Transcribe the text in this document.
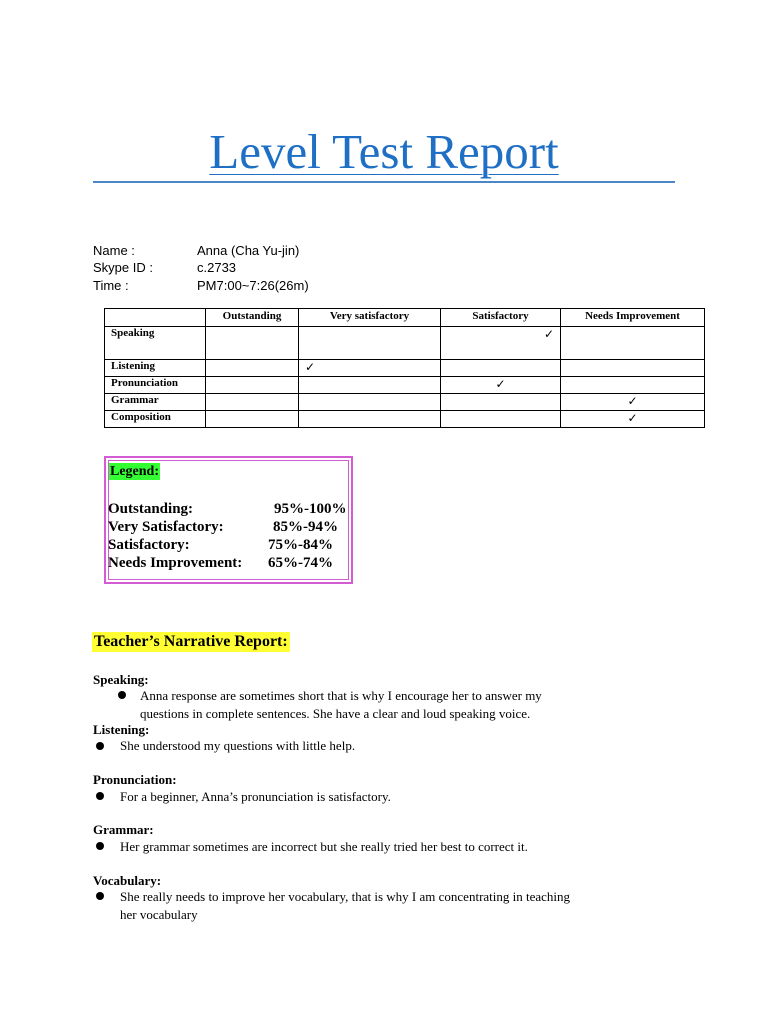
Level Test Report
Name :	Anna (Cha Yu-jin)
Skype ID :	c.2733
Time :	PM7:00~7:26(26m)
	Outstanding	Very satisfactory	Satisfactory	Needs Improvement
Speaking			✓	
Listening		✓		
Pronunciation			✓	
Grammar				✓
Composition				✓
Legend:
Outstanding:	95%-100%
Very Satisfactory:	85%-94%
Satisfactory:	75%-84%
Needs Improvement: 65%-74%
Teacher’s Narrative Report:
Speaking:
Anna response are sometimes short that is why I encourage her to answer my
questions in complete sentences. She have a clear and loud speaking voice.
Listening:
She understood my questions with little help.
Pronunciation:
For a beginner, Anna’s pronunciation is satisfactory.
Grammar:
Her grammar sometimes are incorrect but she really tried her best to correct it.
Vocabulary:
She really needs to improve her vocabulary, that is why I am concentrating in teaching
her vocabulary
